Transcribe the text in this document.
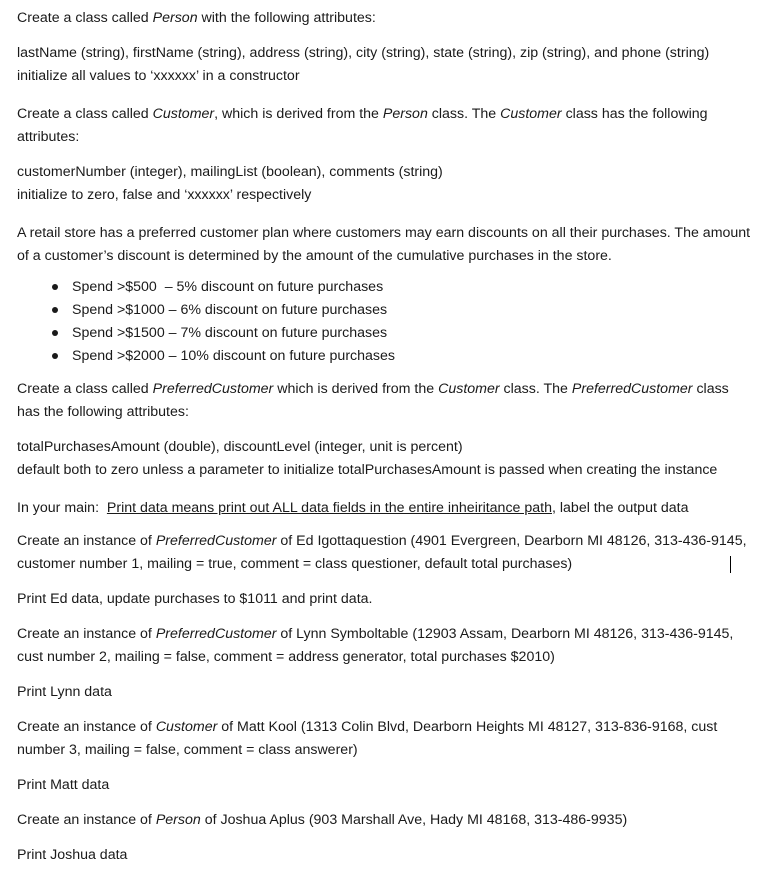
Create a class called Person with the following attributes:

lastName (string), firstName (string), address (string), city (string), state (string), zip (string), and phone (string)

initialize all values to ‘xxxxxx’ in a constructor

Create a class called Customer, which is derived from the Person class. The Customer class has the following attributes:

customerNumber (integer), mailingList (boolean), comments (string)

initialize to zero, false and ‘xxxxxx’ respectively

A retail store has a preferred customer plan where customers may earn discounts on all their purchases. The amount of a customer’s discount is determined by the amount of the cumulative purchases in the store.

Spend >$500  – 5% discount on future purchases
Spend >$1000 – 6% discount on future purchases
Spend >$1500 – 7% discount on future purchases
Spend >$2000 – 10% discount on future purchases

Create a class called PreferredCustomer which is derived from the Customer class. The PreferredCustomer class has the following attributes:

totalPurchasesAmount (double), discountLevel (integer, unit is percent)

default both to zero unless a parameter to initialize totalPurchasesAmount is passed when creating the instance

In your main:  Print data means print out ALL data fields in the entire inheiritance path, label the output data

Create an instance of PreferredCustomer of Ed Igottaquestion (4901 Evergreen, Dearborn MI 48126, 313-436-9145, customer number 1, mailing = true, comment = class questioner, default total purchases)

Print Ed data, update purchases to $1011 and print data.

Create an instance of PreferredCustomer of Lynn Symboltable (12903 Assam, Dearborn MI 48126, 313-436-9145, cust number 2, mailing = false, comment = address generator, total purchases $2010)

Print Lynn data

Create an instance of Customer of Matt Kool (1313 Colin Blvd, Dearborn Heights MI 48127, 313-836-9168, cust number 3, mailing = false, comment = class answerer)

Print Matt data

Create an instance of Person of Joshua Aplus (903 Marshall Ave, Hady MI 48168, 313-486-9935)

Print Joshua data
